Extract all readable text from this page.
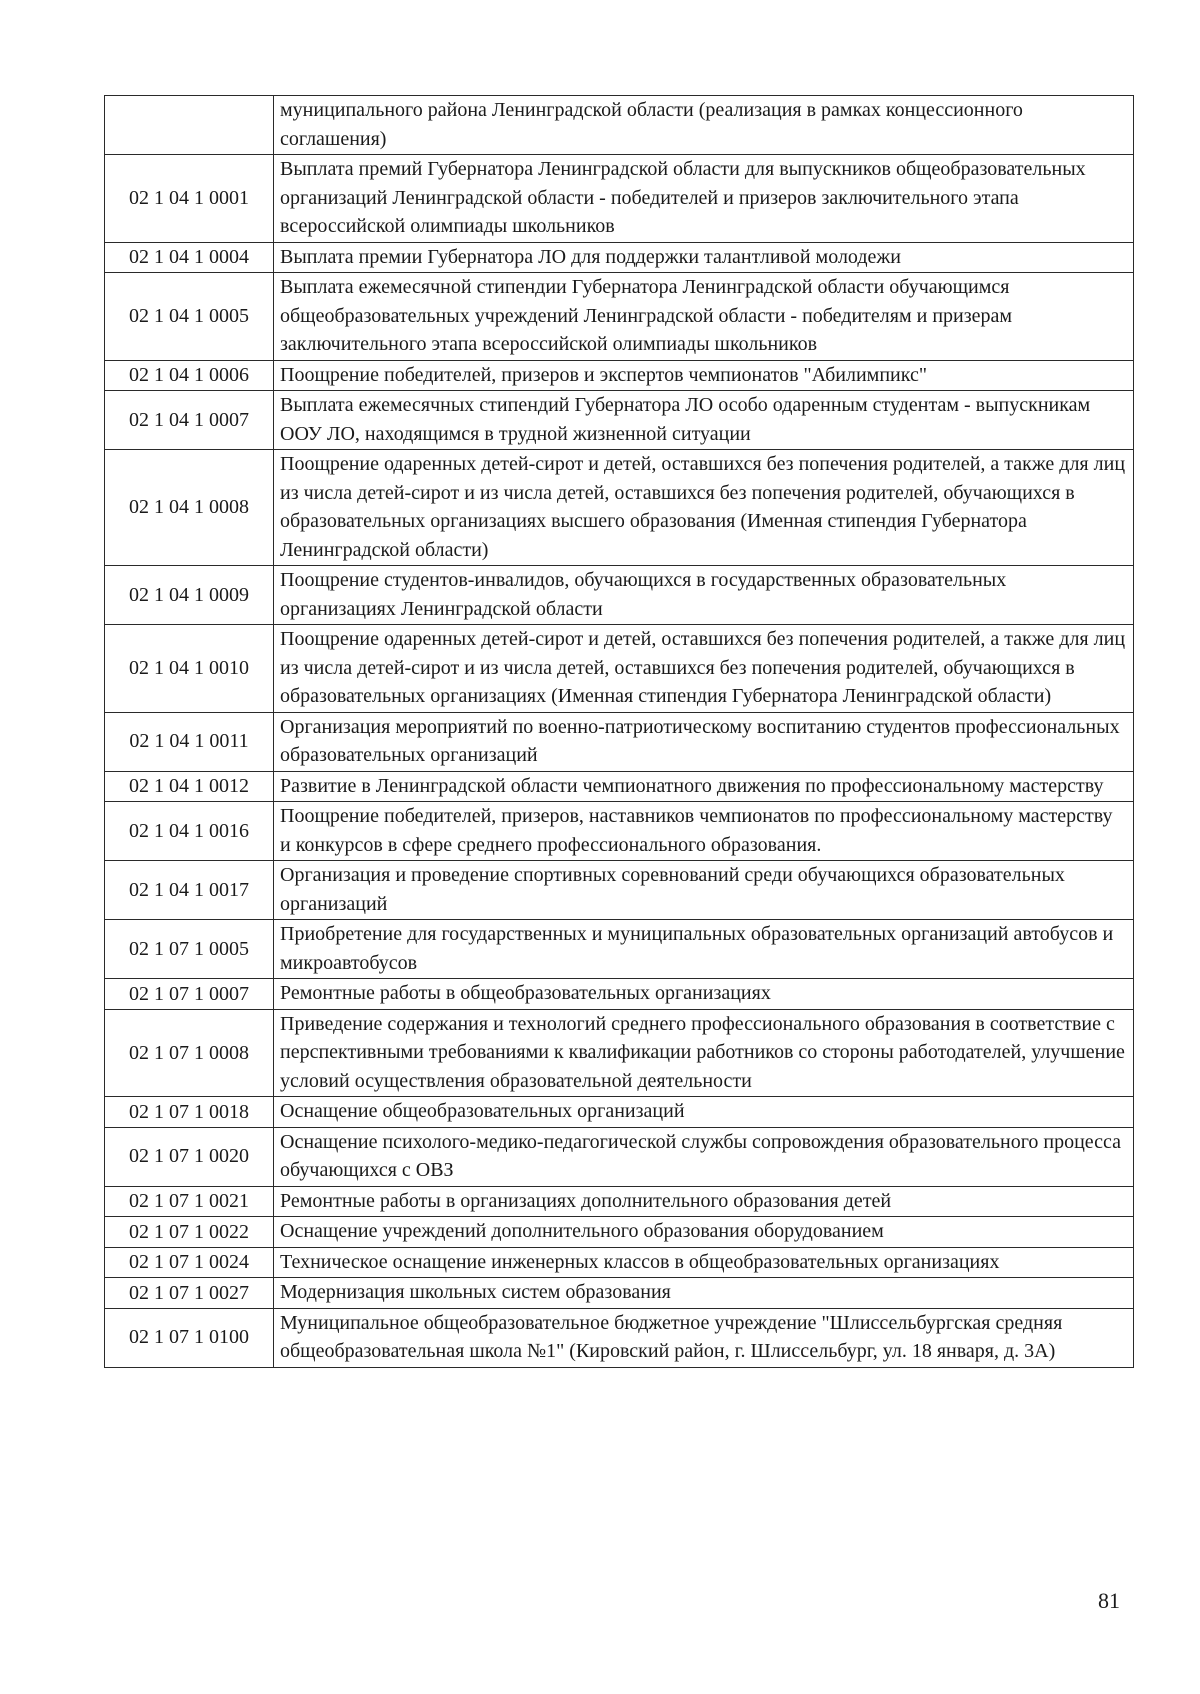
	муниципального района Ленинградской области (реализация в рамках концессионного соглашения)
02 1 04 1 0001	Выплата премий Губернатора Ленинградской области для выпускников общеобразовательных организаций Ленинградской области - победителей и призеров заключительного этапа всероссийской олимпиады школьников
02 1 04 1 0004	Выплата премии Губернатора ЛО для поддержки талантливой молодежи
02 1 04 1 0005	Выплата ежемесячной стипендии Губернатора Ленинградской области обучающимся общеобразовательных учреждений Ленинградской области - победителям и призерам заключительного этапа всероссийской олимпиады школьников
02 1 04 1 0006	Поощрение победителей, призеров и экспертов чемпионатов "Абилимпикс"
02 1 04 1 0007	Выплата ежемесячных стипендий Губернатора ЛО особо одаренным студентам - выпускникам ООУ ЛО, находящимся в трудной жизненной ситуации
02 1 04 1 0008	Поощрение одаренных детей-сирот и детей, оставшихся без попечения родителей, а также для лиц из числа детей-сирот и из числа детей, оставшихся без попечения родителей, обучающихся в образовательных организациях высшего образования (Именная стипендия Губернатора Ленинградской области)
02 1 04 1 0009	Поощрение студентов-инвалидов, обучающихся в государственных образовательных организациях Ленинградской области
02 1 04 1 0010	Поощрение одаренных детей-сирот и детей, оставшихся без попечения родителей, а также для лиц из числа детей-сирот и из числа детей, оставшихся без попечения родителей, обучающихся в образовательных организациях (Именная стипендия Губернатора Ленинградской области)
02 1 04 1 0011	Организация мероприятий по военно-патриотическому воспитанию студентов профессиональных образовательных организаций
02 1 04 1 0012	Развитие в Ленинградской области чемпионатного движения по профессиональному мастерству
02 1 04 1 0016	Поощрение победителей, призеров, наставников чемпионатов по профессиональному мастерству и конкурсов в сфере среднего профессионального образования.
02 1 04 1 0017	Организация и проведение спортивных соревнований среди обучающихся образовательных организаций
02 1 07 1 0005	Приобретение для государственных и муниципальных образовательных организаций автобусов и микроавтобусов
02 1 07 1 0007	Ремонтные работы в общеобразовательных организациях
02 1 07 1 0008	Приведение содержания и технологий среднего профессионального образования в соответствие с перспективными требованиями к квалификации работников со стороны работодателей, улучшение условий осуществления образовательной деятельности
02 1 07 1 0018	Оснащение общеобразовательных организаций
02 1 07 1 0020	Оснащение психолого-медико-педагогической службы сопровождения образовательного процесса обучающихся с ОВЗ
02 1 07 1 0021	Ремонтные работы в организациях дополнительного образования детей
02 1 07 1 0022	Оснащение учреждений дополнительного образования оборудованием
02 1 07 1 0024	Техническое оснащение инженерных классов в общеобразовательных организациях
02 1 07 1 0027	Модернизация школьных систем образования
02 1 07 1 0100	Муниципальное общеобразовательное бюджетное учреждение "Шлиссельбургская средняя общеобразовательная школа №1" (Кировский район, г. Шлиссельбург, ул. 18 января, д. 3А)
81
